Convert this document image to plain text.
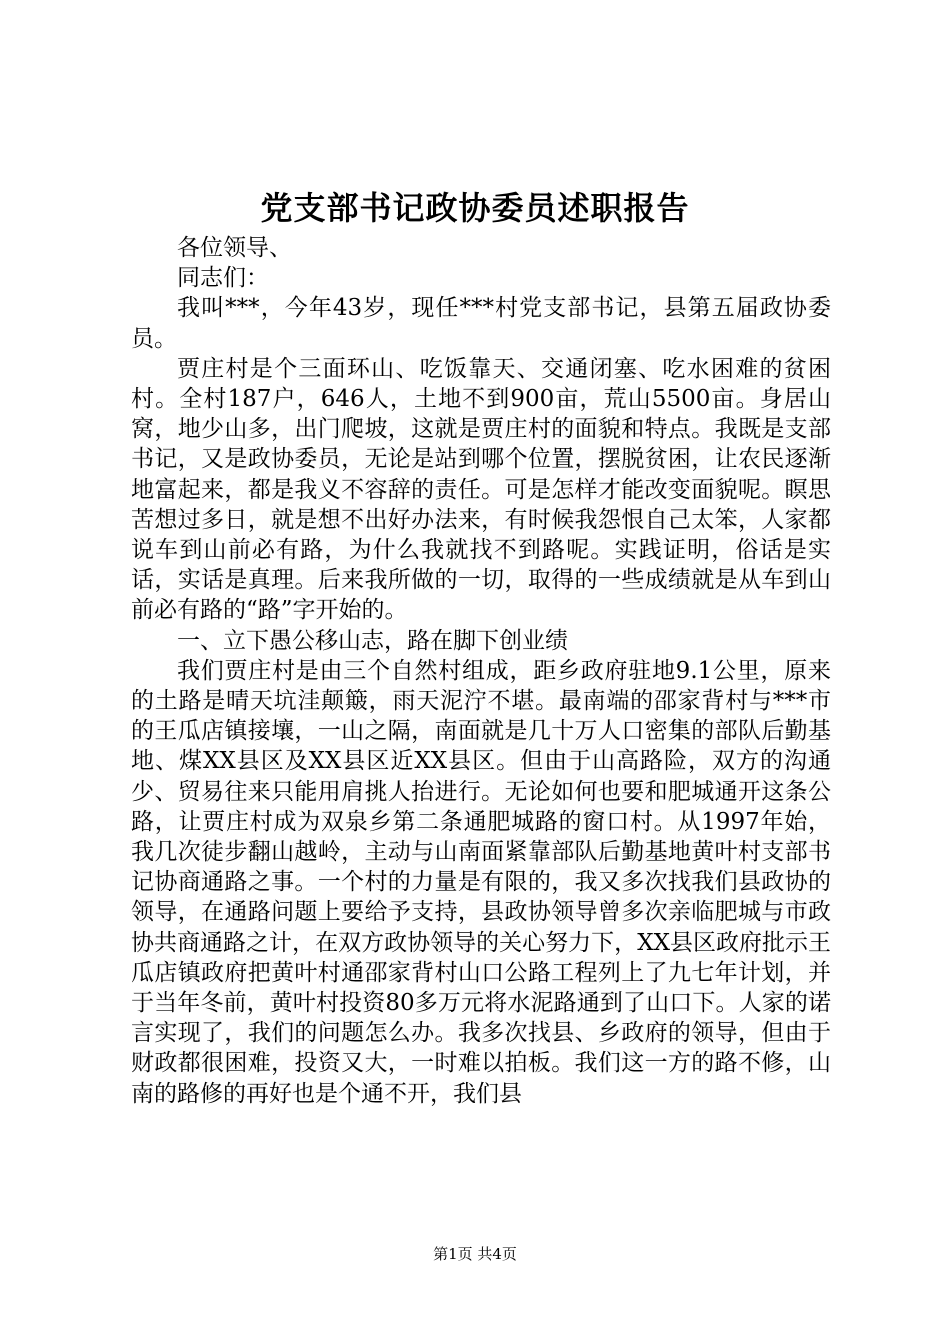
党支部书记政协委员述职报告

各位领导、

同志们：

我叫***，今年43岁，现任***村党支部书记，县第五届政协委员。

贾庄村是个三面环山、吃饭靠天、交通闭塞、吃水困难的贫困村。全村187户，646人，土地不到900亩，荒山5500亩。身居山窝，地少山多，出门爬坡，这就是贾庄村的面貌和特点。我既是支部书记，又是政协委员，无论是站到哪个位置，摆脱贫困，让农民逐渐地富起来，都是我义不容辞的责任。可是怎样才能改变面貌呢。瞑思苦想过多日，就是想不出好办法来，有时候我怨恨自己太笨，人家都说车到山前必有路，为什么我就找不到路呢。实践证明，俗话是实话，实话是真理。后来我所做的一切，取得的一些成绩就是从车到山前必有路的“路”字开始的。

一、立下愚公移山志，路在脚下创业绩

我们贾庄村是由三个自然村组成，距乡政府驻地9.1公里，原来的土路是晴天坑洼颠簸，雨天泥泞不堪。最南端的邵家背村与***市的王瓜店镇接壤，一山之隔，南面就是几十万人口密集的部队后勤基地、煤XX县区及XX县区近XX县区。但由于山高路险，双方的沟通少、贸易往来只能用肩挑人抬进行。无论如何也要和肥城通开这条公路，让贾庄村成为双泉乡第二条通肥城路的窗口村。从1997年始，我几次徒步翻山越岭，主动与山南面紧靠部队后勤基地黄叶村支部书记协商通路之事。一个村的力量是有限的，我又多次找我们县政协的领导，在通路问题上要给予支持，县政协领导曾多次亲临肥城与市政协共商通路之计，在双方政协领导的关心努力下，XX县区政府批示王瓜店镇政府把黄叶村通邵家背村山口公路工程列上了九七年计划，并于当年冬前，黄叶村投资80多万元将水泥路通到了山口下。人家的诺言实现了，我们的问题怎么办。我多次找县、乡政府的领导，但由于财政都很困难，投资又大，一时难以拍板。我们这一方的路不修，山南的路修的再好也是个通不开，我们县

第1页 共4页
